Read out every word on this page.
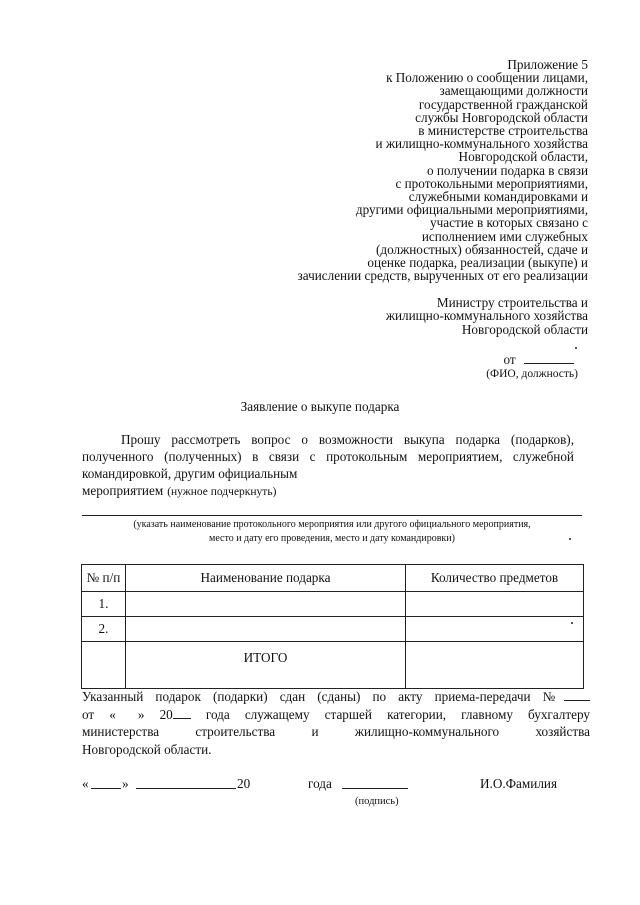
Приложение 5
к Положению о сообщении лицами,
замещающими должности
государственной гражданской
службы Новгородской области
в министерстве строительства
и жилищно-коммунального хозяйства
Новгородской области,
о получении подарка в связи
с протокольными мероприятиями,
служебными командировками и
другими официальными мероприятиями,
участие в которых связано с
исполнением ими служебных
(должностных) обязанностей, сдаче и
оценке подарка, реализации (выкупе) и
зачислении средств, вырученных от его реализации
Министру строительства и
жилищно-коммунального хозяйства
Новгородской области
от
(ФИО, должность)
Заявление о выкупе подарка
Прошу рассмотреть вопрос о возможности выкупа подарка (подарков), полученного (полученных) в связи с протокольным мероприятием, служебной командировкой, другим официальным
мероприятием (нужное подчеркнуть)
(указать наименование протокольного мероприятия или другого официального мероприятия,
место и дату его проведения, место и дату командировки)
№ п/п	Наименование подарка	Количество предметов
1.		
2.		
	ИТОГО	
Указанный подарок (подарки) сдан (сданы) по акту приема-передачи №
от « » 20 года служащему старшей категории, главному бухгалтеру
министерства строительства и жилищно-коммунального хозяйства
Новгородской области.
«	»	20	года	И.О.Фамилия
(подпись)
